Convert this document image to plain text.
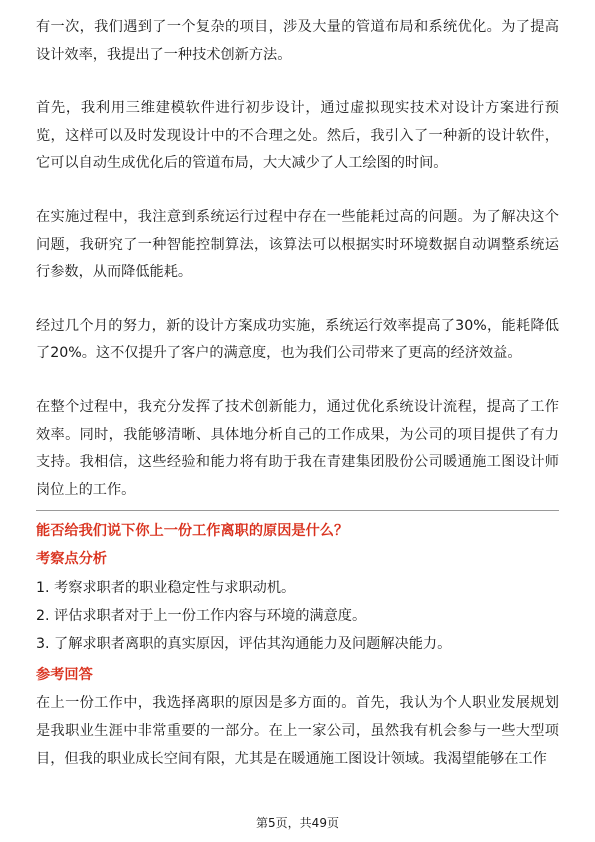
有一次，我们遇到了一个复杂的项目，涉及大量的管道布局和系统优化。为了提高设计效率，我提出了一种技术创新方法。

首先，我利用三维建模软件进行初步设计，通过虚拟现实技术对设计方案进行预览，这样可以及时发现设计中的不合理之处。然后，我引入了一种新的设计软件，它可以自动生成优化后的管道布局，大大减少了人工绘图的时间。

在实施过程中，我注意到系统运行过程中存在一些能耗过高的问题。为了解决这个问题，我研究了一种智能控制算法，该算法可以根据实时环境数据自动调整系统运行参数，从而降低能耗。

经过几个月的努力，新的设计方案成功实施，系统运行效率提高了30%，能耗降低了20%。这不仅提升了客户的满意度，也为我们公司带来了更高的经济效益。

在整个过程中，我充分发挥了技术创新能力，通过优化系统设计流程，提高了工作效率。同时，我能够清晰、具体地分析自己的工作成果，为公司的项目提供了有力支持。我相信，这些经验和能力将有助于我在青建集团股份公司暖通施工图设计师岗位上的工作。

能否给我们说下你上一份工作离职的原因是什么？

考察点分析

1. 考察求职者的职业稳定性与求职动机。
2. 评估求职者对于上一份工作内容与环境的满意度。
3. 了解求职者离职的真实原因，评估其沟通能力及问题解决能力。

参考回答

在上一份工作中，我选择离职的原因是多方面的。首先，我认为个人职业发展规划是我职业生涯中非常重要的一部分。在上一家公司，虽然我有机会参与一些大型项目，但我的职业成长空间有限，尤其是在暖通施工图设计领域。我渴望能够在工作

第5页，共49页
